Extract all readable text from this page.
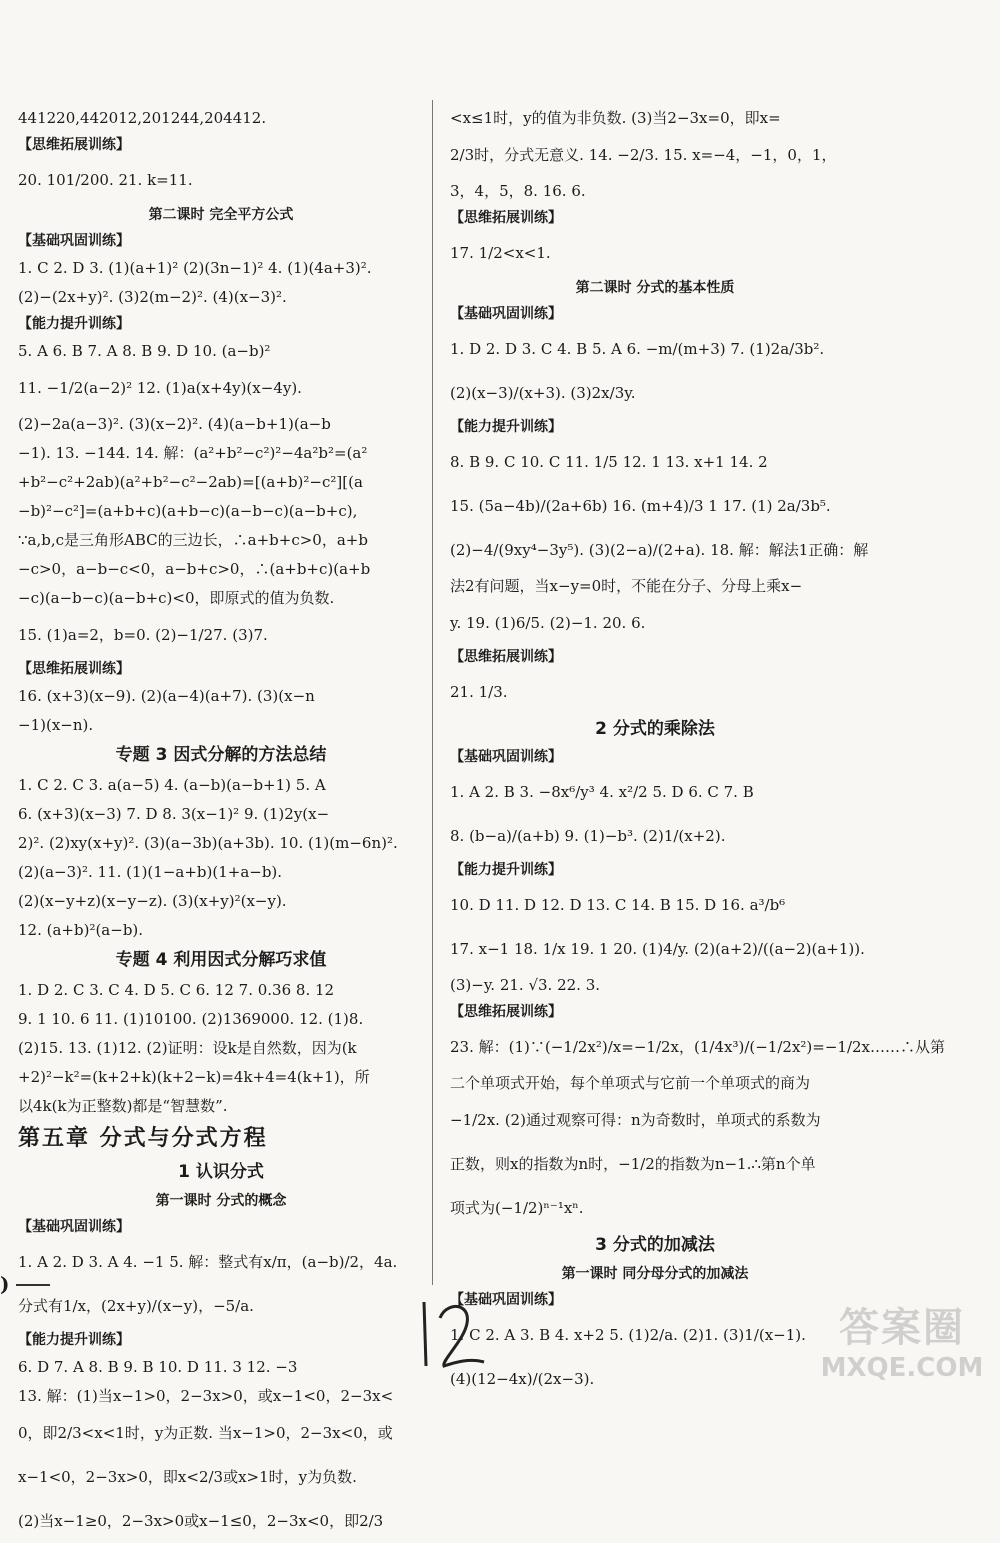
441220,442012,201244,204412.
【思维拓展训练】
20. 101/200. 21. k=11.
第二课时 完全平方公式
【基础巩固训练】
1. C 2. D 3. (1)(a+1)² (2)(3n−1)² 4. (1)(4a+3)².
(2)−(2x+y)². (3)2(m−2)². (4)(x−3)².
【能力提升训练】
5. A 6. B 7. A 8. B 9. D 10. (a−b)²
11. −1/2(a−2)² 12. (1)a(x+4y)(x−4y).
(2)−2a(a−3)². (3)(x−2)². (4)(a−b+1)(a−b
−1). 13. −144. 14. 解：(a²+b²−c²)²−4a²b²=(a²
+b²−c²+2ab)(a²+b²−c²−2ab)=[(a+b)²−c²][(a
−b)²−c²]=(a+b+c)(a+b−c)(a−b−c)(a−b+c),
∵a,b,c是三角形ABC的三边长，∴a+b+c>0，a+b
−c>0，a−b−c<0，a−b+c>0，∴(a+b+c)(a+b
−c)(a−b−c)(a−b+c)<0，即原式的值为负数.
15. (1)a=2，b=0. (2)−1/27. (3)7.
【思维拓展训练】
16. (x+3)(x−9). (2)(a−4)(a+7). (3)(x−n
−1)(x−n).
专题 3 因式分解的方法总结
1. C 2. C 3. a(a−5) 4. (a−b)(a−b+1) 5. A
6. (x+3)(x−3) 7. D 8. 3(x−1)² 9. (1)2y(x−
2)². (2)xy(x+y)². (3)(a−3b)(a+3b). 10. (1)(m−6n)².
(2)(a−3)². 11. (1)(1−a+b)(1+a−b).
(2)(x−y+z)(x−y−z). (3)(x+y)²(x−y).
12. (a+b)²(a−b).
专题 4 利用因式分解巧求值
1. D 2. C 3. C 4. D 5. C 6. 12 7. 0.36 8. 12
9. 1 10. 6 11. (1)10100. (2)1369000. 12. (1)8.
(2)15. 13. (1)12. (2)证明：设k是自然数，因为(k
+2)²−k²=(k+2+k)(k+2−k)=4k+4=4(k+1)，所
以4k(k为正整数)都是“智慧数”.
第五章 分式与分式方程
1 认识分式
第一课时 分式的概念
【基础巩固训练】
1. A 2. D 3. A 4. −1 5. 解：整式有x/π，(a−b)/2，4a.
分式有1/x，(2x+y)/(x−y)，−5/a.
【能力提升训练】
6. D 7. A 8. B 9. B 10. D 11. 3 12. −3
13. 解：(1)当x−1>0，2−3x>0，或x−1<0，2−3x<
0，即2/3<x<1时，y为正数. 当x−1>0，2−3x<0，或
x−1<0，2−3x>0，即x<2/3或x>1时，y为负数.
(2)当x−1≥0，2−3x>0或x−1≤0，2−3x<0，即2/3
<x≤1时，y的值为非负数. (3)当2−3x=0，即x=
2/3时，分式无意义. 14. −2/3. 15. x=−4，−1，0，1，
3，4，5，8. 16. 6.
【思维拓展训练】
17. 1/2<x<1.
第二课时 分式的基本性质
【基础巩固训练】
1. D 2. D 3. C 4. B 5. A 6. −m/(m+3) 7. (1)2a/3b².
(2)(x−3)/(x+3). (3)2x/3y.
【能力提升训练】
8. B 9. C 10. C 11. 1/5 12. 1 13. x+1 14. 2
15. (5a−4b)/(2a+6b) 16. (m+4)/3 1 17. (1) 2a/3b⁵.
(2)−4/(9xy⁴−3y⁵). (3)(2−a)/(2+a). 18. 解：解法1正确：解
法2有问题，当x−y=0时，不能在分子、分母上乘x−
y. 19. (1)6/5. (2)−1. 20. 6.
【思维拓展训练】
21. 1/3.
2 分式的乘除法
【基础巩固训练】
1. A 2. B 3. −8x⁶/y³ 4. x²/2 5. D 6. C 7. B
8. (b−a)/(a+b) 9. (1)−b³. (2)1/(x+2).
【能力提升训练】
10. D 11. D 12. D 13. C 14. B 15. D 16. a³/b⁶
17. x−1 18. 1/x 19. 1 20. (1)4/y. (2)(a+2)/((a−2)(a+1)).
(3)−y. 21. √3. 22. 3.
【思维拓展训练】
23. 解：(1)∵(−1/2x²)/x=−1/2x，(1/4x³)/(−1/2x²)=−1/2x……∴从第
二个单项式开始，每个单项式与它前一个单项式的商为
−1/2x. (2)通过观察可得：n为奇数时，单项式的系数为
正数，则x的指数为n时，−1/2的指数为n−1.∴第n个单
项式为(−1/2)ⁿ⁻¹xⁿ.
3 分式的加减法
第一课时 同分母分式的加减法
【基础巩固训练】
1. C 2. A 3. B 4. x+2 5. (1)2/a. (2)1. (3)1/(x−1).
(4)(12−4x)/(2x−3).
)
答案圈
MXQE.COM
